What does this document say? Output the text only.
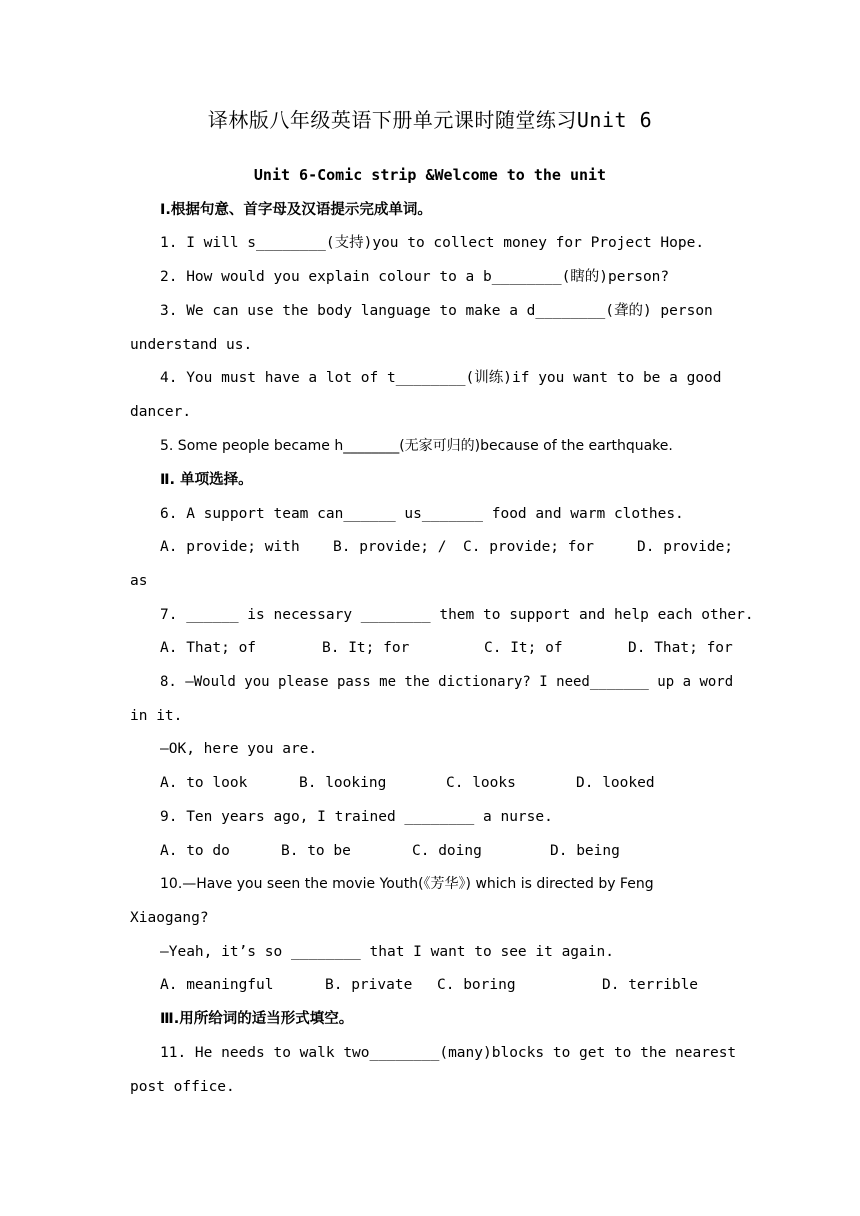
译林版八年级英语下册单元课时随堂练习Unit 6
Unit 6-Comic strip &Welcome to the unit
Ⅰ.根据句意、首字母及汉语提示完成单词。
1. I will s________(支持)you to collect money for Project Hope.
2. How would you explain colour to a b________(瞎的)person?
3. We can use the body language to make a d________(聋的) person
understand us.
4. You must have a lot of t________(训练)if you want to be a good
dancer.
5. Some people became h________(无家可归的)because of the earthquake.
Ⅱ. 单项选择。
6. A support team can______ us_______ food and warm clothes.
A. provide; with B. provide; / C. provide; for	D. provide;
as
7. ______ is necessary ________ them to support and help each other.
A. That; of	B. It; for	C. It; of	D. That; for
8. —Would you please pass me the dictionary? I need_______ up a word
in it.
—OK, here you are.
A. to look	B. looking	C. looks	D. looked
9. Ten years ago, I trained ________ a nurse.
A. to do	B. to be	C. doing	D. being
10.—Have you seen the movie Youth(《芳华》) which is directed by Feng
Xiaogang?
—Yeah, it’s so ________ that I want to see it again.
A. meaningful	B. private C. boring	D. terrible
Ⅲ.用所给词的适当形式填空。
11. He needs to walk two________(many)blocks to get to the nearest
post office.
